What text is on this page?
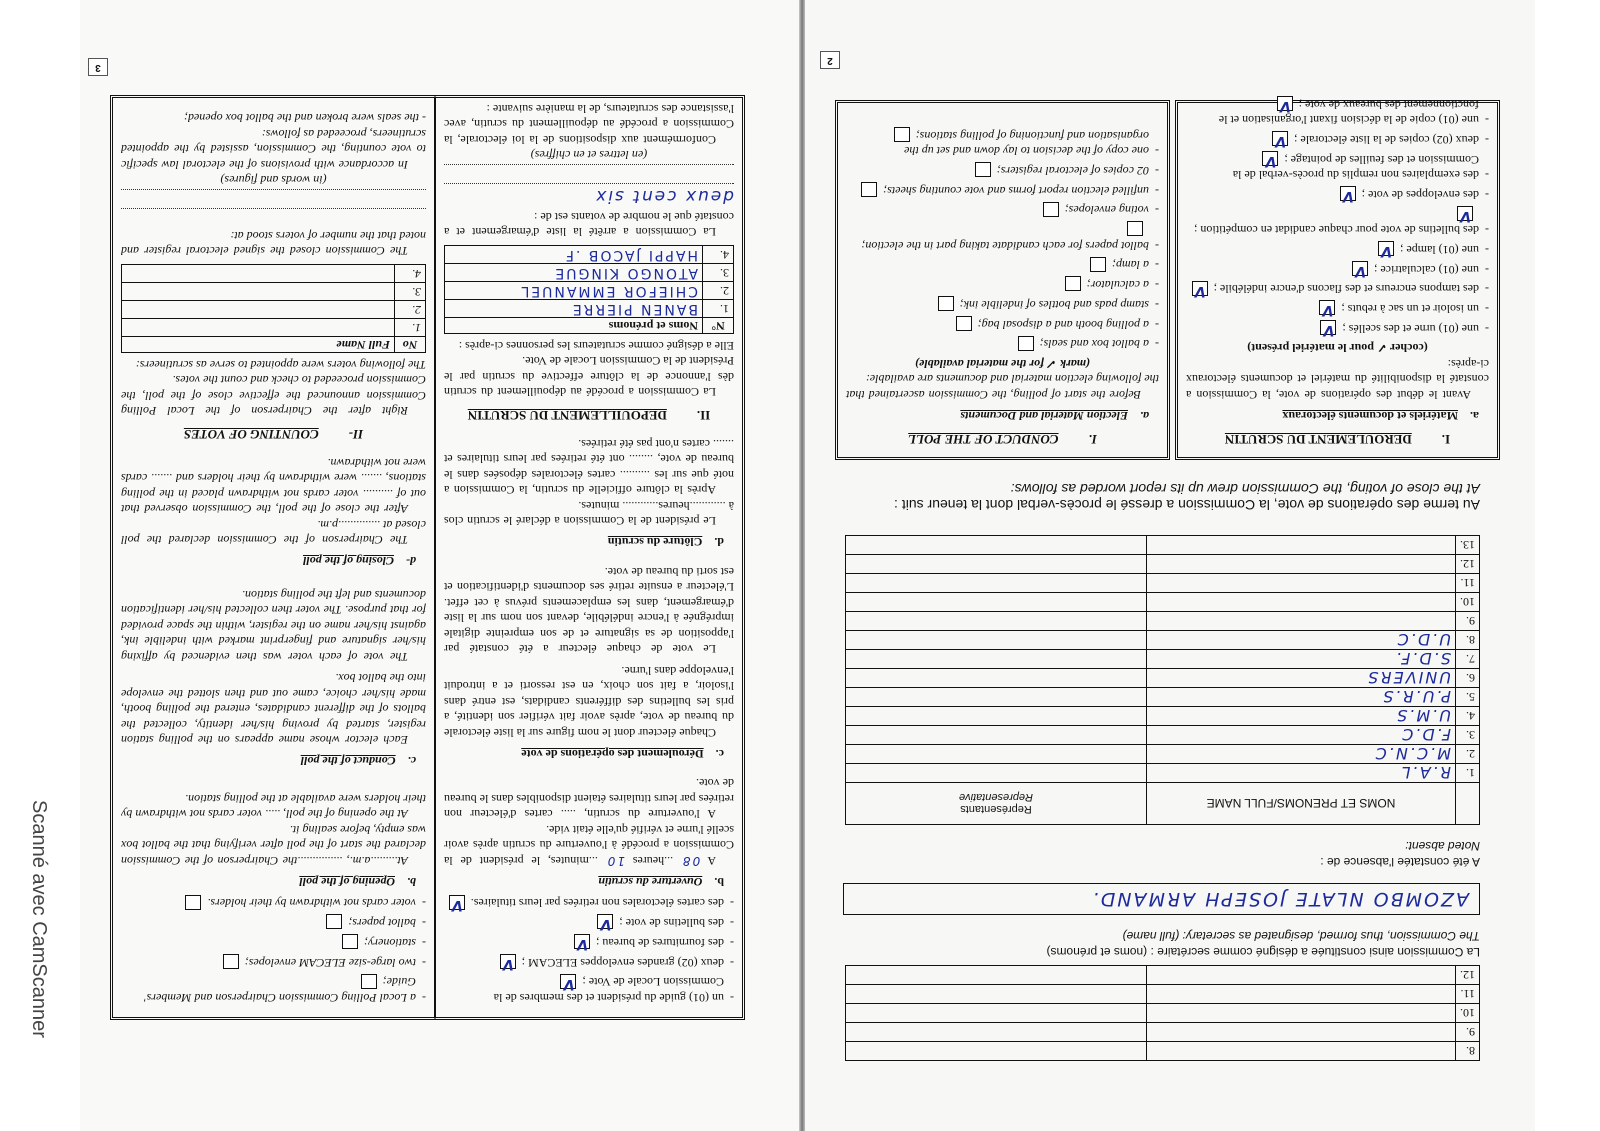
Scanné avec CamScanner
8.		
9.		
10.		
11.		
12.		

La Commission ainsi constituée a désigné comme secrétaire : (noms et prénoms)

The Commission, thus formed, designated as secretary: (full name)

AZOMBO NLATE JOSEPH ARMAND.

A été constatée l'absence de :

Noted absent:

	NOMS ET PRENOMS/FULL NAME	Représentants
Representative

1.	R.A.L	
2.	M.C.N.C	
3.	F.D.C	
4.	U.M.S	
5.	P.U.R.S	
6.	UNIVERS	
7.	S.D.F.	
8.	U.D.C	
9.		
10.		
11.		
12.		
13.		
Au terme des opérations de vote, la Commission a dressé le procès-verbal dont la teneur suit :
At the close of voting, the Commission drew up its report worded as follows:
I.DEROULEMENT DU SCRUTIN
a.Matériels et documents électoraux

Avant le début des opérations de vote, la Commission a constaté la disponibilité du matériel et documents électoraux ci-après:

(cocher ✓ pour le matériel présent)

- une (01) urne et des scellés ;V
- un isoloir et un sac à rebuts ;V
- des tampons encreurs et des flacons d'encre indélébile ;V
- une (01) calculatrice ;V
- une (01) lampe ;V
- des bulletins de vote pour chaque candidat en compétition ;V
- des enveloppes de vote ;V
- des exemplaires non remplis du procès-verbal de la Commission et des feuilles de pointage ;V
- deux (02) copies de la liste électorale ;V
- une (01) copie de la décision fixant l'organisation et le fonctionnement des bureaux de vote ;V
I.CONDUCT OF THE POLL
a.Election Material and Documents

Before the start of polling, the Commission ascertained that the following election material and documents are available:

(mark ✓ for the material available)

- a ballot box and seals;
- a polling booth and a disposal bag;
- stamp pads and bottles of indelible ink;
- a calculator;
- a lamp;
- ballot papers for each candidate taking part in the election;
- voting envelopes;
- unfilled election report forms and vote counting sheets;
- 02 copies of electoral registers;
- one copy of the decision to lay down and set up the organisation and functioning of polling stations;
2
- un (01) guide du président et des membres de la Commission Locale de Vote ;V
- deux (02) grandes enveloppes ELECAM ;V
- des fournitures de bureau ;V
- des bulletins de vote ;V
- des cartes électorales non retirées par leurs titulaires.V
b.Ouverture du scrutin

A 08 ...heures 10 ...minutes, le président de la Commission a procédé à l'ouverture du scrutin après avoir scellé l'urne et vérifié qu'elle était vide.

A l'ouverture du scrutin, ..... cartes d'électeur non retirées par leurs titulaires étaient disponibles dans le bureau de vote.

c.Déroulement des opérations de vote

Chaque électeur dont le nom figure sur la liste électorale du bureau de vote, après avoir fait vérifier son identité, a pris les bulletins des différents candidats, est entré dans l'isoloir, a fait son choix, en est ressorti et a introduit l'enveloppe dans l'urne.

Le vote de chaque électeur a été constaté par l'apposition de sa signature et de son empreinte digitale imprégnée à l'encre indélébile, devant son nom sur la liste d'émargement, dans les emplacements prévus à cet effet. L'électeur a ensuite retiré ses documents d'identification et est sorti du bureau de vote.

d.Clôture du scrutin

Le président de la Commission a déclaré le scrutin clos à ............heures............ minutes.

Après la clôture officielle du scrutin, la Commission a noté que sur les .......... cartes électorales déposées dans le bureau de vote, ........ ont été retirées par leurs titulaires et ....... cartes n'ont pas été retirées.

II.DEPOUILLEMENT DU SCRUTIN

La Commission a procédé au dépouillement du scrutin dès l'annonce de la clôture effective du scrutin par le Président de la Commission Locale de Vote.

Elle a désigné comme scrutateurs les personnes ci-après :

N°	Noms et prénoms
1.	BANEN PIERRE
2.	CHIEFOR EMMANUEL
3.	ATONGO KINGUE
4.	HAPPI JACOB .F

La Commission a arrêté la liste d'émargement et a constaté que le nombre de votants est de :

deux cent six

(en lettres et en chiffres)

Conformément aux dispositions de la loi électorale, la Commission a procédé au dépouillement du scrutin, avec l'assistance des scrutateurs, de la manière suivante :

- a Local Polling Commission Chairperson and Members' Guide;
- two large-size ELECAM envelopes;
- stationery;
- ballot papers;
- voter cards not withdrawn by their holders.
b.Opening of the poll

At.........a.m., ...............the Chairperson of the Commission declared the start of the poll after verifying that the ballot box was empty, before sealing it.

At the opening of the poll, ..... voter cards not withdrawn by their holders were available at the polling station.

c.Conduct of the poll

Each elector whose name appears on the polling station register, started by proving his/her identity, collected the ballots of the different candidates, entered the polling booth, made his/her choice, came out and then slotted the envelope into the ballot box.

The vote of each voter was then evidenced by affixing his/her signature and fingerprint marked with indelible ink, against his/her name on the register, within the space provided for that purpose. The voter then collected his/her identification documents and left the polling station.

d-Closing of the poll

The Chairperson of the Commission declared the poll closed at ..............p.m.

After the close of the poll, the Commission observed that out of .......... voter cards not withdrawn placed in the polling stations, ....... were withdrawn by their holders and ....... cards were not withdrawn.

II-COUNTING OF VOTES

Right after the Chairperson of the Local Polling Commission announced the effective close of the poll, the Commission proceeded to check and count the votes.

The following voters were appointed to serve as scrutineers:

No	Full Name
1.	
2.	
3.	
4.	

The Commission closed the signed electoral register and noted that the number of voters stood at:

(in words and figures)

In accordance with provisions of the electoral law specific to vote counting, the Commission, assisted by the appointed scrutineers, proceeded as follows:

- the seals were broken and the ballot box opened;

3
